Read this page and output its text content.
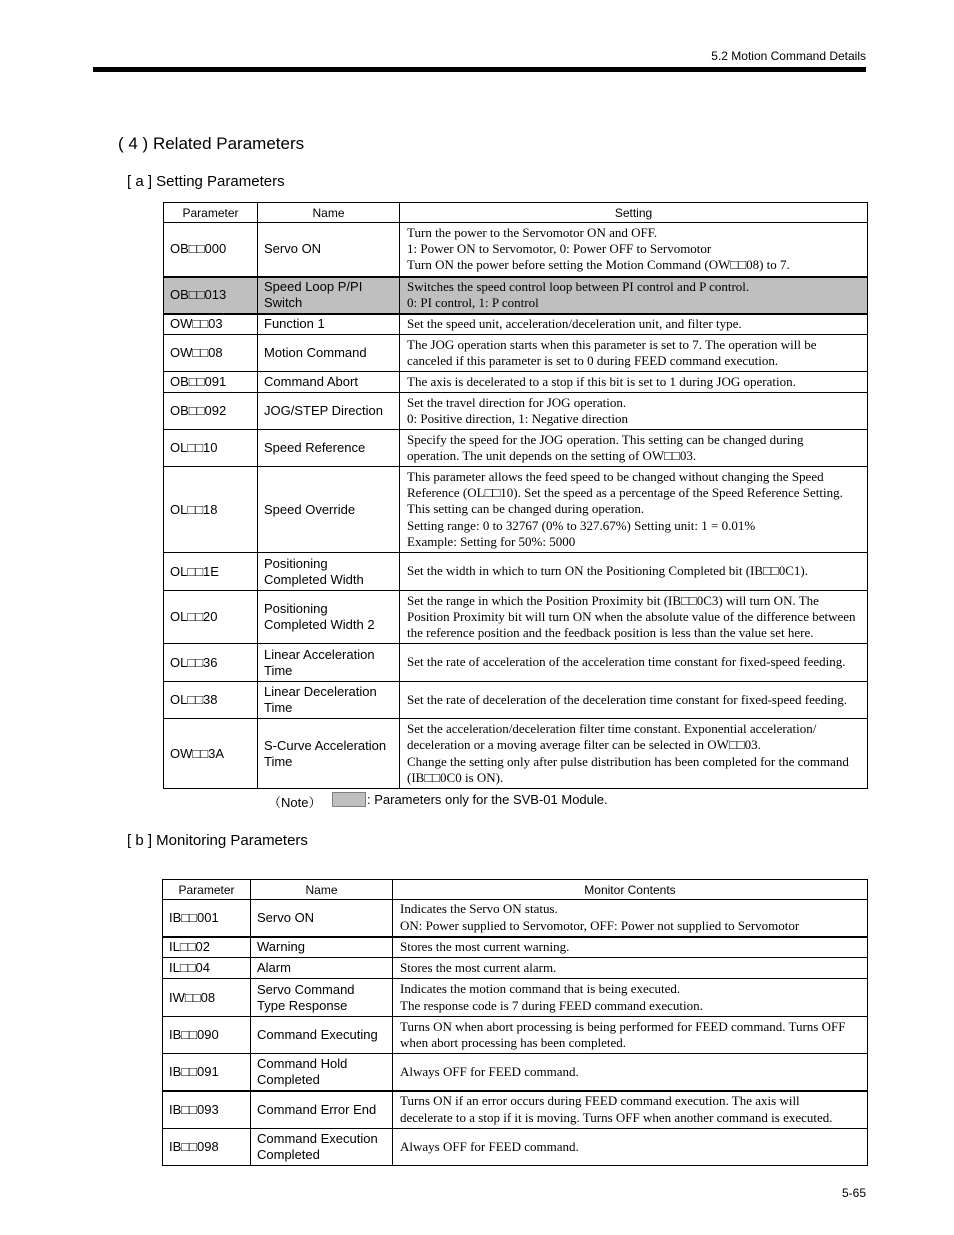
5.2 Motion Command Details
( 4 ) Related Parameters
[ a ] Setting Parameters
Parameter	Name	Setting
OB□□000	Servo ON	Turn the power to the Servomotor ON and OFF.
1: Power ON to Servomotor, 0: Power OFF to Servomotor
Turn ON the power before setting the Motion Command (OW□□08) to 7.

OB□□013	Speed Loop P/PI Switch	Switches the speed control loop between PI control and P control.
0: PI control, 1: P control

OW□□03	Function 1	Set the speed unit, acceleration/deceleration unit, and filter type.

OW□□08	Motion Command	The JOG operation starts when this parameter is set to 7. The operation will be
canceled if this parameter is set to 0 during FEED command execution.

OB□□091	Command Abort	The axis is decelerated to a stop if this bit is set to 1 during JOG operation.

OB□□092	JOG/STEP Direction	Set the travel direction for JOG operation.
0: Positive direction, 1: Negative direction

OL□□10	Speed Reference	Specify the speed for the JOG operation. This setting can be changed during
operation. The unit depends on the setting of OW□□03.

OL□□18	Speed Override	This parameter allows the feed speed to be changed without changing the Speed
Reference (OL□□10). Set the speed as a percentage of the Speed Reference Setting.
This setting can be changed during operation.
Setting range: 0 to 32767 (0% to 327.67%) Setting unit: 1 = 0.01%
Example: Setting for 50%: 5000

OL□□1E	Positioning Completed Width	Set the width in which to turn ON the Positioning Completed bit (IB□□0C1).

OL□□20	Positioning Completed Width 2	Set the range in which the Position Proximity bit (IB□□0C3) will turn ON. The
Position Proximity bit will turn ON when the absolute value of the difference between
the reference position and the feedback position is less than the value set here.

OL□□36	Linear Acceleration Time	Set the rate of acceleration of the acceleration time constant for fixed-speed feeding.

OL□□38	Linear Deceleration Time	Set the rate of deceleration of the deceleration time constant for fixed-speed feeding.

OW□□3A	S-Curve Acceleration Time	Set the acceleration/deceleration filter time constant. Exponential acceleration/
deceleration or a moving average filter can be selected in OW□□03.
Change the setting only after pulse distribution has been completed for the command
(IB□□0C0 is ON).
（Note）	: Parameters only for the SVB-01 Module.
[ b ] Monitoring Parameters
Parameter	Name	Monitor Contents
IB□□001	Servo ON	Indicates the Servo ON status.
ON: Power supplied to Servomotor, OFF: Power not supplied to Servomotor

IL□□02	Warning	Stores the most current warning.

IL□□04	Alarm	Stores the most current alarm.

IW□□08	Servo Command Type Response	Indicates the motion command that is being executed.
The response code is 7 during FEED command execution.

IB□□090	Command Executing	Turns ON when abort processing is being performed for FEED command. Turns OFF
when abort processing has been completed.

IB□□091	Command Hold Completed	Always OFF for FEED command.

IB□□093	Command Error End	Turns ON if an error occurs during FEED command execution. The axis will
decelerate to a stop if it is moving. Turns OFF when another command is executed.

IB□□098	Command Execution Completed	Always OFF for FEED command.
5-65
